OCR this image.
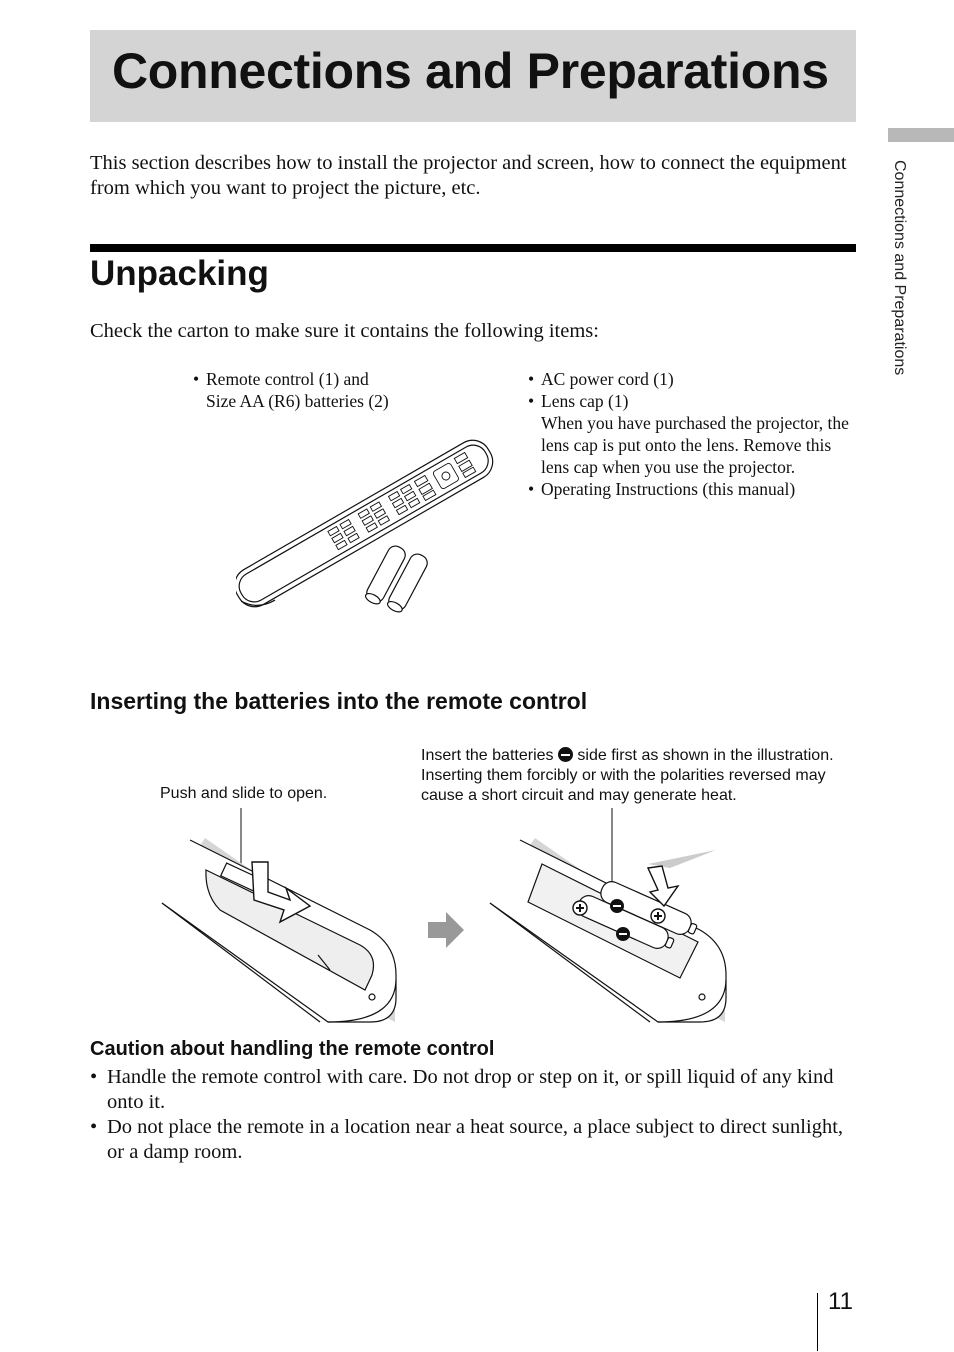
Connections and Preparations
Connections and Preparations
This section describes how to install the projector and screen, how to connect the equipment from which you want to project the picture, etc.
Unpacking
Check the carton to make sure it contains the following items:
• Remote control (1) and
Size AA (R6) batteries (2)
• AC power cord (1)
• Lens cap (1)
When you have purchased the projector, the lens cap is put onto the lens. Remove this lens cap when you use the projector.
• Operating Instructions (this manual)
Inserting the batteries into the remote control
Push and slide to open.
Insert the batteries side first as shown in the illustration. Inserting them forcibly or with the polarities reversed may cause a short circuit and may generate heat.
Caution about handling the remote control
• Handle the remote control with care. Do not drop or step on it, or spill liquid of any kind onto it.
• Do not place the remote in a location near a heat source, a place subject to direct sunlight, or a damp room.
11
